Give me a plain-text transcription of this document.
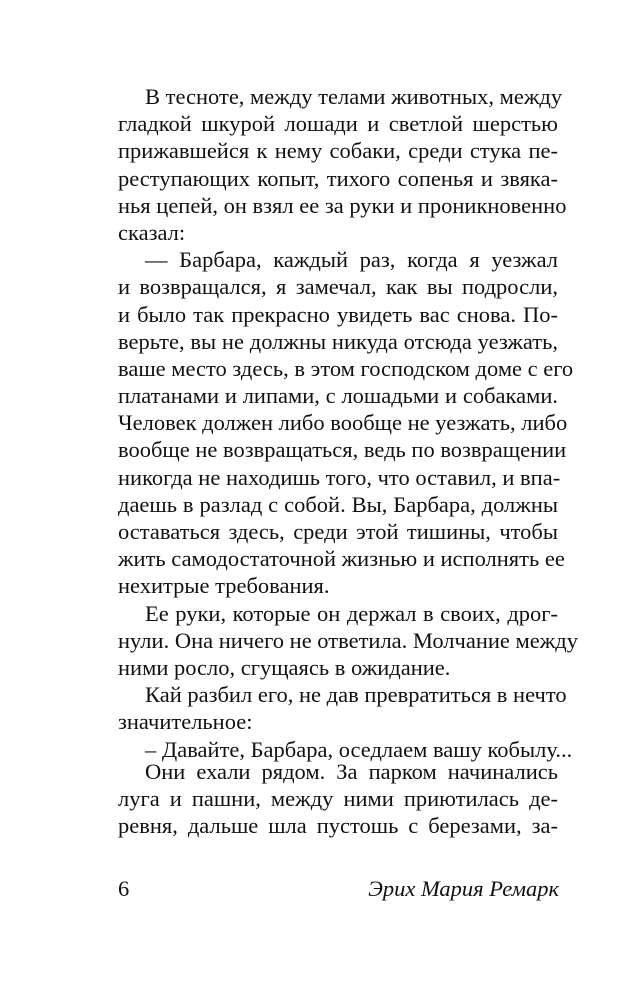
В тесноте, между телами животных, между
гладкой шкурой лошади и светлой шерстью
прижавшейся к нему собаки, среди стука пе-
реступающих копыт, тихого сопенья и звяка-
нья цепей, он взял ее за руки и проникновенно
сказал:
— Барбара, каждый раз, когда я уезжал
и возвращался, я замечал, как вы подросли,
и было так прекрасно увидеть вас снова. По-
верьте, вы не должны никуда отсюда уезжать,
ваше место здесь, в этом господском доме с его
платанами и липами, с лошадьми и собаками.
Человек должен либо вообще не уезжать, либо
вообще не возвращаться, ведь по возвращении
никогда не находишь того, что оставил, и впа-
даешь в разлад с собой. Вы, Барбара, должны
оставаться здесь, среди этой тишины, чтобы
жить самодостаточной жизнью и исполнять ее
нехитрые требования.
Ее руки, которые он держал в своих, дрог-
нули. Она ничего не ответила. Молчание между
ними росло, сгущаясь в ожидание.
Кай разбил его, не дав превратиться в нечто
значительное:
– Давайте, Барбара, оседлаем вашу кобылу...
Они ехали рядом. За парком начинались
луга и пашни, между ними приютилась де-
ревня, дальше шла пустошь с березами, за-
6	Эрих Мария Ремарк
